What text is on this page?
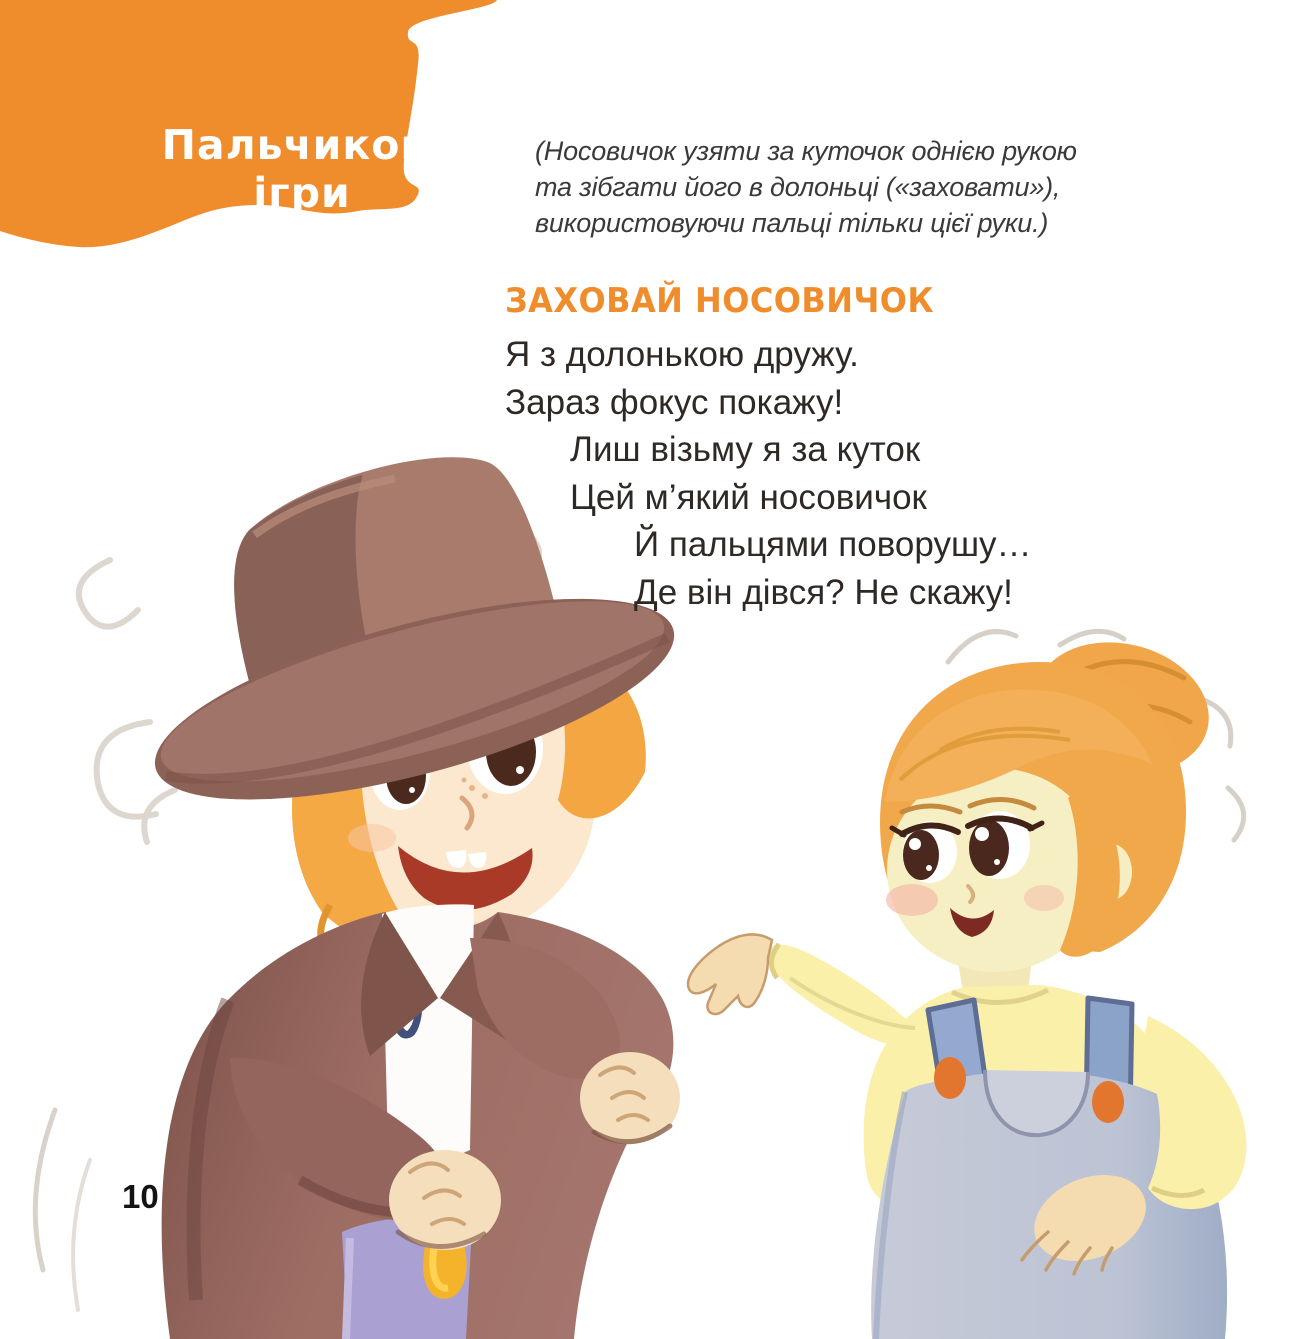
Пальчикові ігри
(Носовичок узяти за куточок однією рукою
та зібгати його в долоньці («заховати»),
використовуючи пальці тільки цієї руки.)
ЗАХОВАЙ НОСОВИЧОК
Я з долонькою дружу.
Зараз фокус покажу!
Лиш візьму я за куток
Цей м’який носовичок
Й пальцями поворушу…
Де він дівся? Не скажу!
10
